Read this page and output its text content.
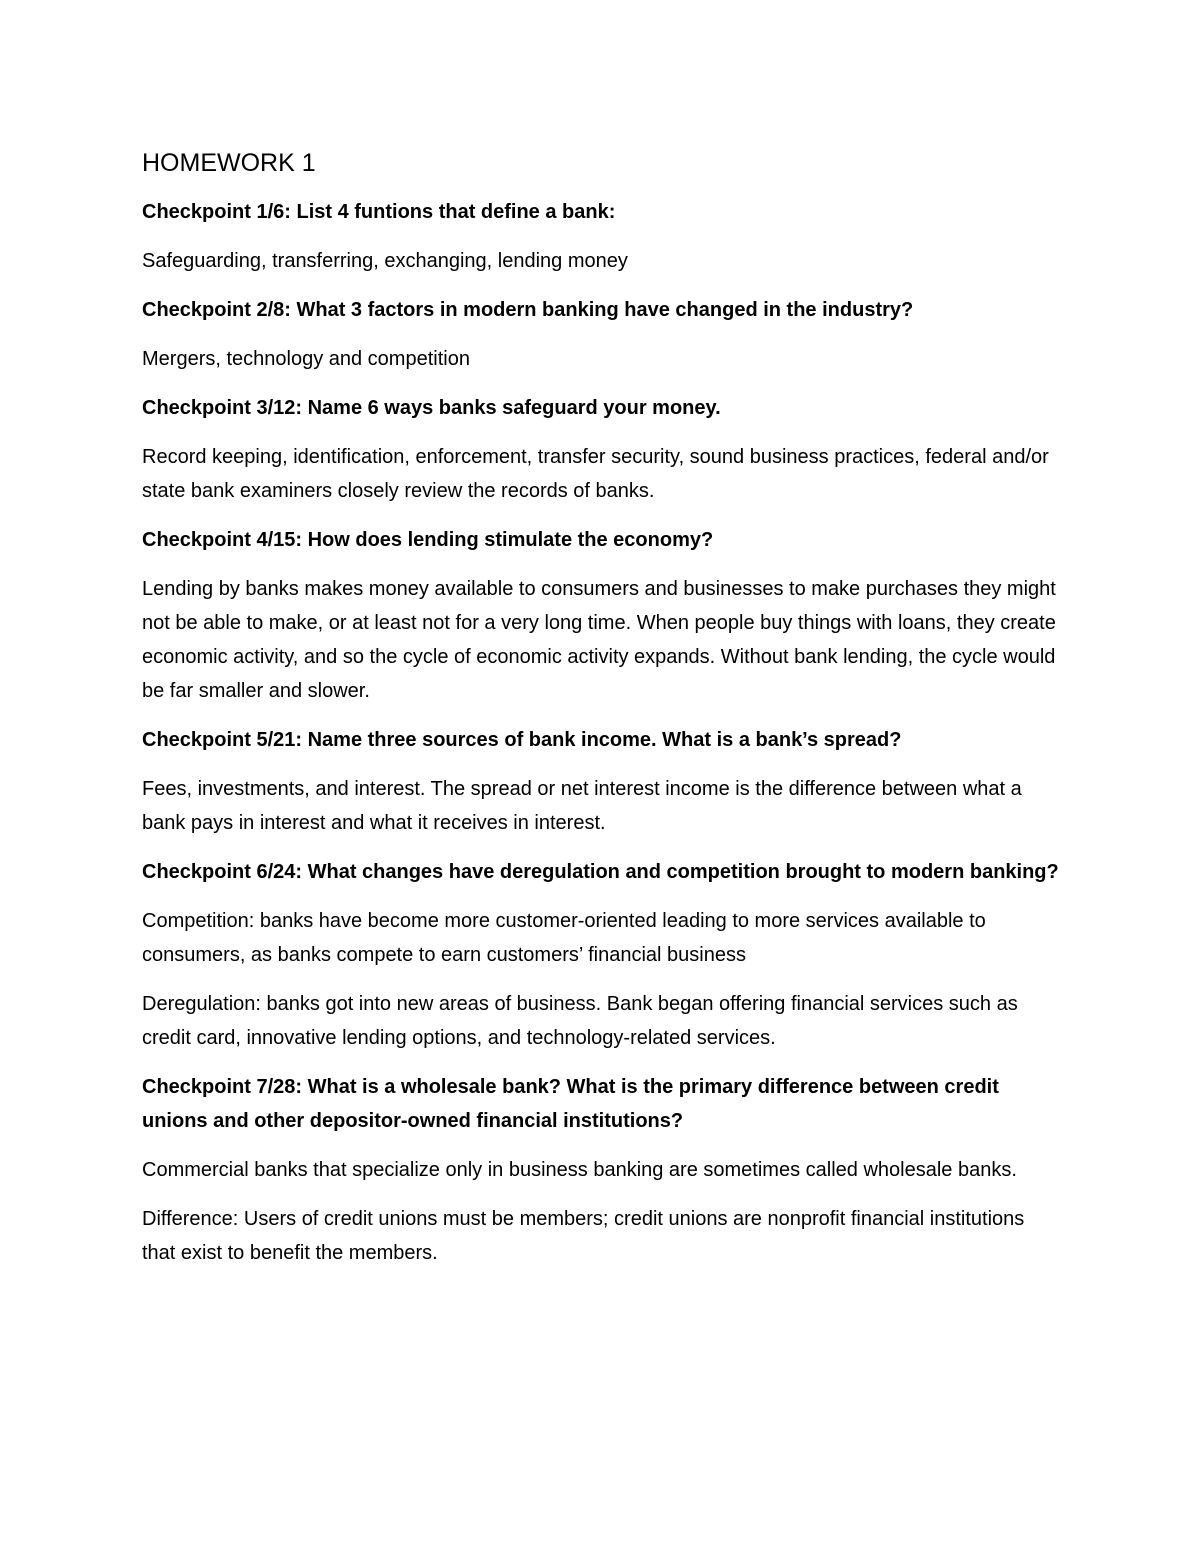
HOMEWORK 1
Checkpoint 1/6: List 4 funtions that define a bank:
Safeguarding, transferring, exchanging, lending money
Checkpoint 2/8: What 3 factors in modern banking have changed in the industry?
Mergers, technology and competition
Checkpoint 3/12: Name 6 ways banks safeguard your money.
Record keeping, identification, enforcement, transfer security, sound business practices, federal and/or state bank examiners closely review the records of banks.
Checkpoint 4/15: How does lending stimulate the economy?
Lending by banks makes money available to consumers and businesses to make purchases they might not be able to make, or at least not for a very long time. When people buy things with loans, they create economic activity, and so the cycle of economic activity expands. Without bank lending, the cycle would be far smaller and slower.
Checkpoint 5/21: Name three sources of bank income. What is a bank’s spread?
Fees, investments, and interest. The spread or net interest income is the difference between what a bank pays in interest and what it receives in interest.
Checkpoint 6/24: What changes have deregulation and competition brought to modern banking?
Competition: banks have become more customer-oriented leading to more services available to consumers, as banks compete to earn customers’ financial business
Deregulation: banks got into new areas of business. Bank began offering financial services such as credit card, innovative lending options, and technology-related services.
Checkpoint 7/28: What is a wholesale bank? What is the primary difference between credit unions and other depositor-owned financial institutions?
Commercial banks that specialize only in business banking are sometimes called wholesale banks.
Difference: Users of credit unions must be members; credit unions are nonprofit financial institutions that exist to benefit the members.
